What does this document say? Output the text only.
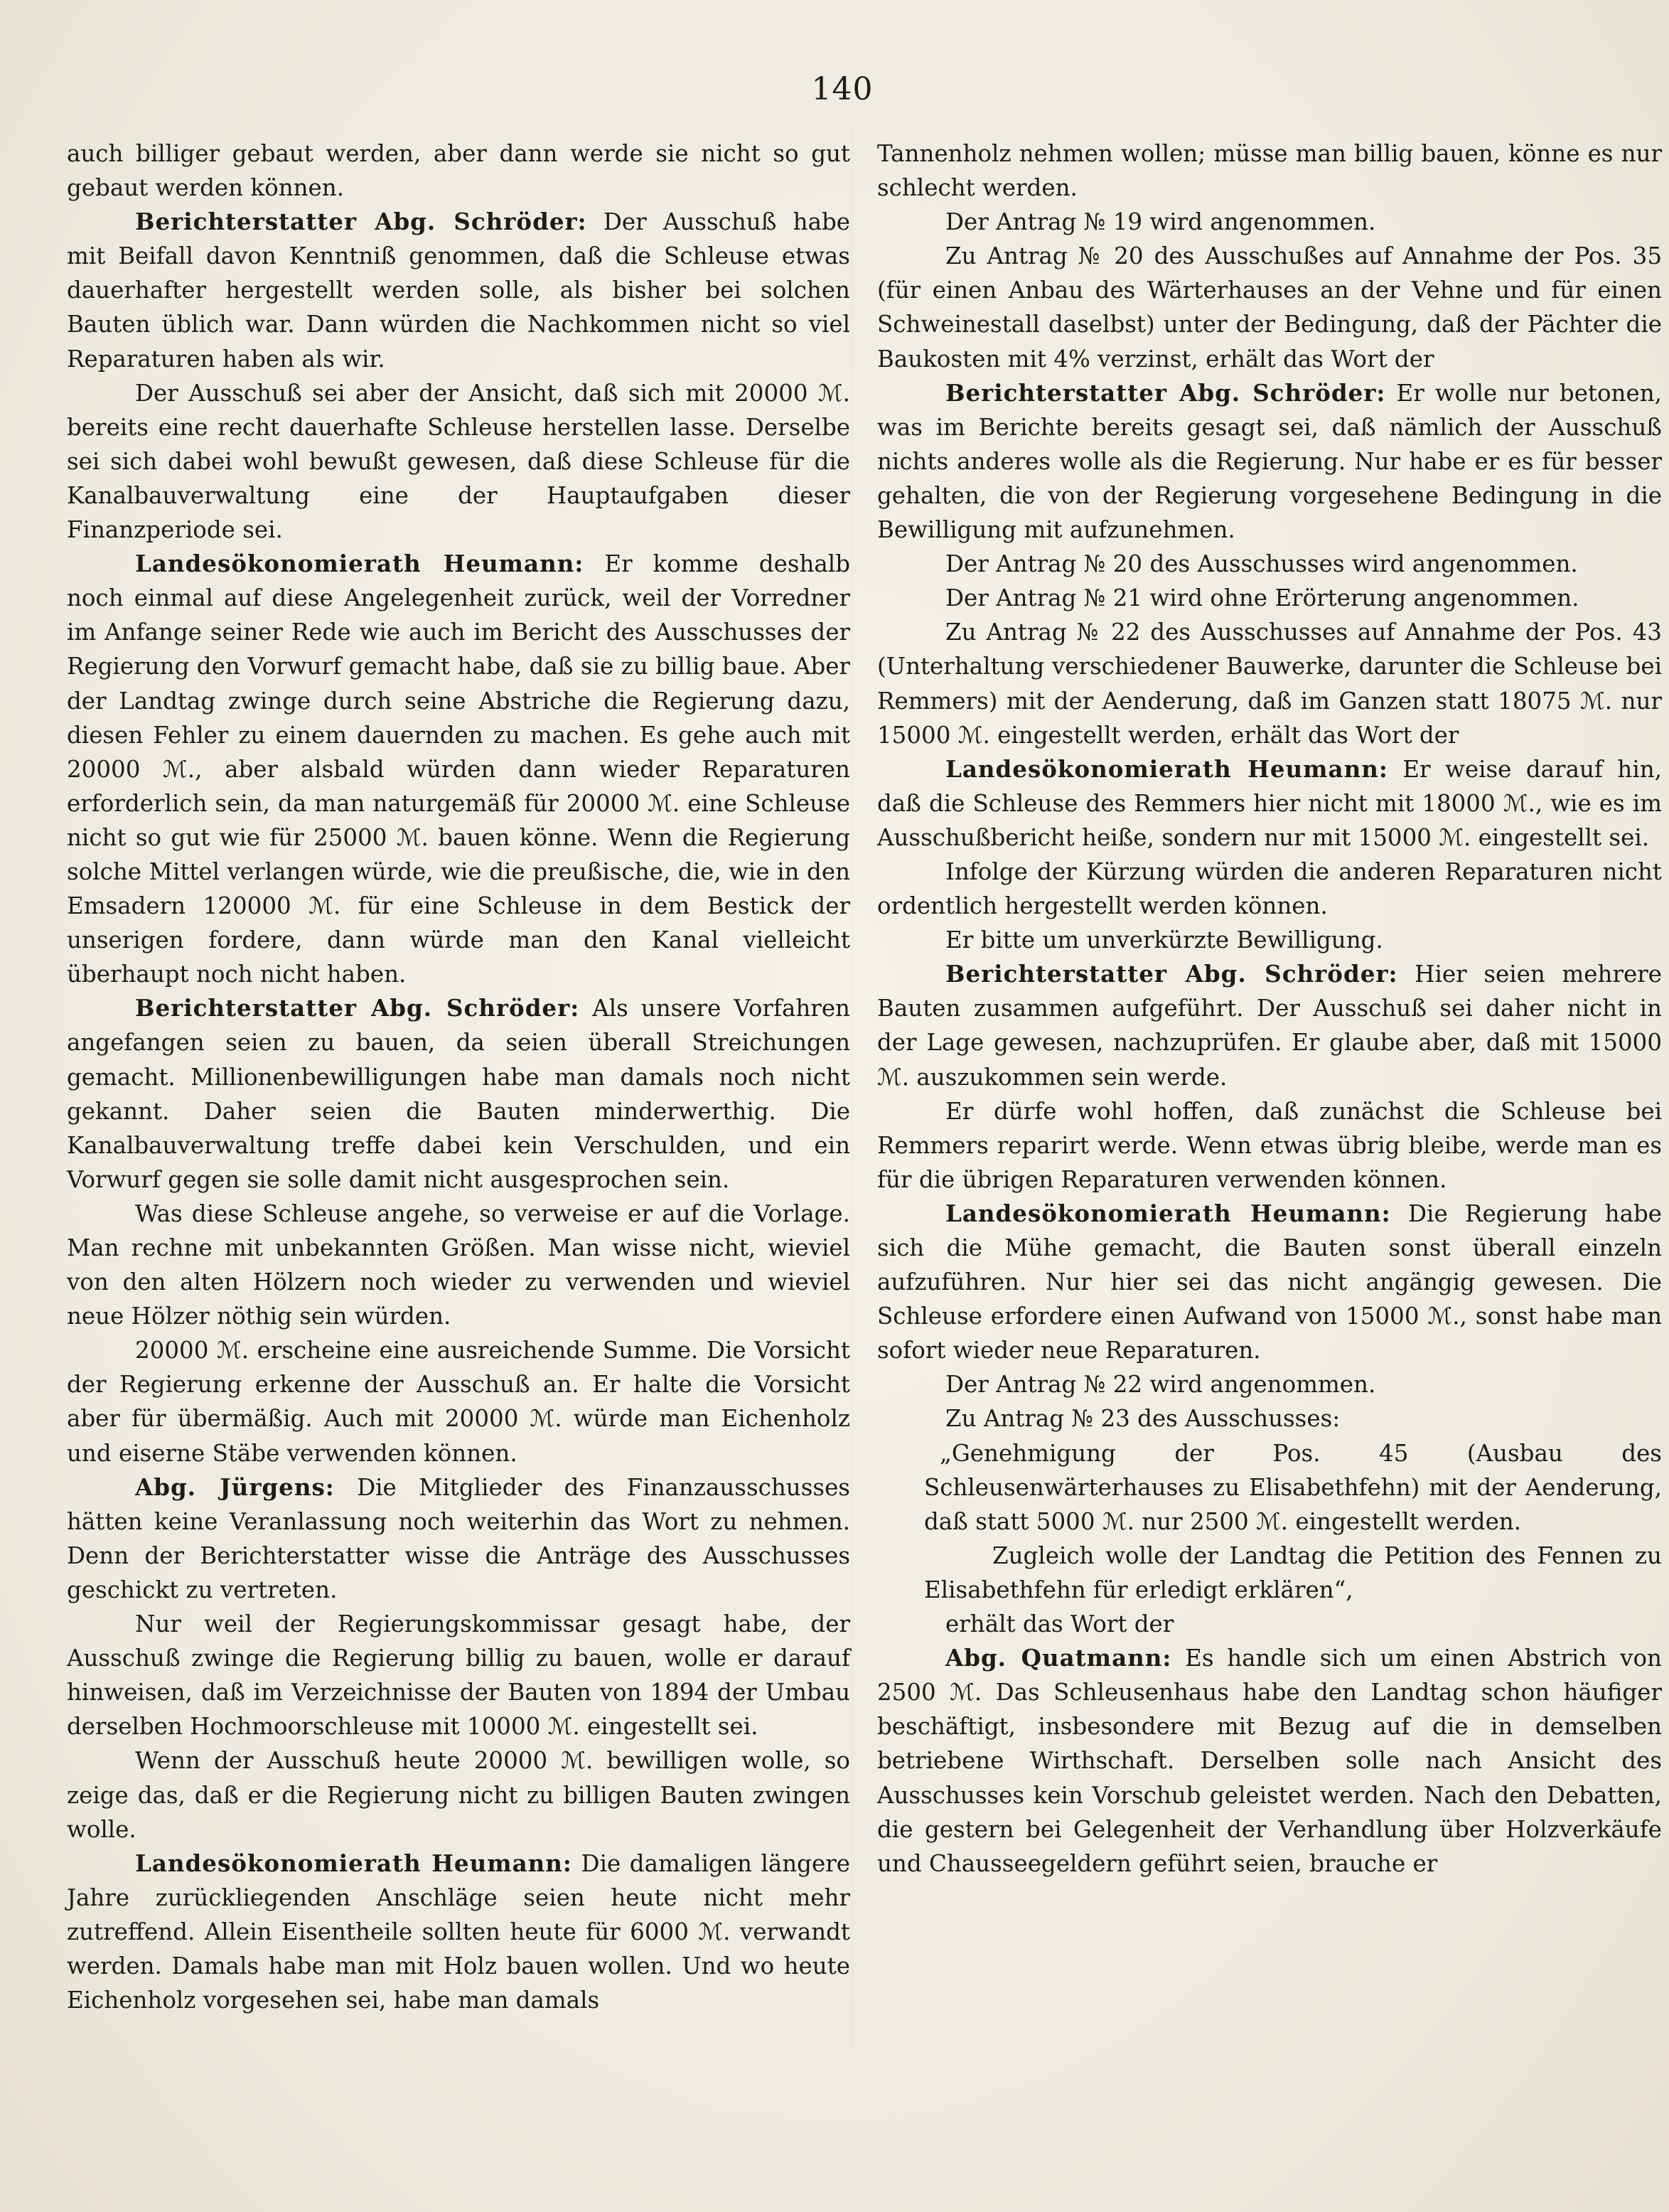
140

auch billiger gebaut werden, aber dann werde sie nicht so gut gebaut werden können.

Berichterstatter Abg. Schröder: Der Ausschuß habe mit Beifall davon Kenntniß genommen, daß die Schleuse etwas dauerhafter hergestellt werden solle, als bisher bei solchen Bauten üblich war. Dann würden die Nachkommen nicht so viel Reparaturen haben als wir.

Der Ausschuß sei aber der Ansicht, daß sich mit 20000 ℳ. bereits eine recht dauerhafte Schleuse herstellen lasse. Derselbe sei sich dabei wohl bewußt gewesen, daß diese Schleuse für die Kanalbauverwaltung eine der Hauptaufgaben dieser Finanzperiode sei.

Landesökonomierath Heumann: Er komme deshalb noch einmal auf diese Angelegenheit zurück, weil der Vorredner im Anfange seiner Rede wie auch im Bericht des Ausschusses der Regierung den Vorwurf gemacht habe, daß sie zu billig baue. Aber der Landtag zwinge durch seine Abstriche die Regierung dazu, diesen Fehler zu einem dauernden zu machen. Es gehe auch mit 20000 ℳ., aber alsbald würden dann wieder Reparaturen erforderlich sein, da man naturgemäß für 20000 ℳ. eine Schleuse nicht so gut wie für 25000 ℳ. bauen könne. Wenn die Regierung solche Mittel verlangen würde, wie die preußische, die, wie in den Emsadern 120000 ℳ. für eine Schleuse in dem Bestick der unserigen fordere, dann würde man den Kanal vielleicht überhaupt noch nicht haben.

Berichterstatter Abg. Schröder: Als unsere Vorfahren angefangen seien zu bauen, da seien überall Streichungen gemacht. Millionenbewilligungen habe man damals noch nicht gekannt. Daher seien die Bauten minderwerthig. Die Kanalbauverwaltung treffe dabei kein Verschulden, und ein Vorwurf gegen sie solle damit nicht ausgesprochen sein.

Was diese Schleuse angehe, so verweise er auf die Vorlage. Man rechne mit unbekannten Größen. Man wisse nicht, wieviel von den alten Hölzern noch wieder zu verwenden und wieviel neue Hölzer nöthig sein würden.

20000 ℳ. erscheine eine ausreichende Summe. Die Vorsicht der Regierung erkenne der Ausschuß an. Er halte die Vorsicht aber für übermäßig. Auch mit 20000 ℳ. würde man Eichenholz und eiserne Stäbe verwenden können.

Abg. Jürgens: Die Mitglieder des Finanzausschusses hätten keine Veranlassung noch weiterhin das Wort zu nehmen. Denn der Berichterstatter wisse die Anträge des Ausschusses geschickt zu vertreten.

Nur weil der Regierungskommissar gesagt habe, der Ausschuß zwinge die Regierung billig zu bauen, wolle er darauf hinweisen, daß im Verzeichnisse der Bauten von 1894 der Umbau derselben Hochmoorschleuse mit 10000 ℳ. eingestellt sei.

Wenn der Ausschuß heute 20000 ℳ. bewilligen wolle, so zeige das, daß er die Regierung nicht zu billigen Bauten zwingen wolle.

Landesökonomierath Heumann: Die damaligen längere Jahre zurückliegenden Anschläge seien heute nicht mehr zutreffend. Allein Eisentheile sollten heute für 6000 ℳ. verwandt werden. Damals habe man mit Holz bauen wollen. Und wo heute Eichenholz vorgesehen sei, habe man damals

Tannenholz nehmen wollen; müsse man billig bauen, könne es nur schlecht werden.

Der Antrag № 19 wird angenommen.

Zu Antrag № 20 des Ausschußes auf Annahme der Pos. 35 (für einen Anbau des Wärterhauses an der Vehne und für einen Schweinestall daselbst) unter der Bedingung, daß der Pächter die Baukosten mit 4% verzinst, erhält das Wort der

Berichterstatter Abg. Schröder: Er wolle nur betonen, was im Berichte bereits gesagt sei, daß nämlich der Ausschuß nichts anderes wolle als die Regierung. Nur habe er es für besser gehalten, die von der Regierung vorgesehene Bedingung in die Bewilligung mit aufzunehmen.

Der Antrag № 20 des Ausschusses wird angenommen.

Der Antrag № 21 wird ohne Erörterung angenommen.

Zu Antrag № 22 des Ausschusses auf Annahme der Pos. 43 (Unterhaltung verschiedener Bauwerke, darunter die Schleuse bei Remmers) mit der Aenderung, daß im Ganzen statt 18075 ℳ. nur 15000 ℳ. eingestellt werden, erhält das Wort der

Landesökonomierath Heumann: Er weise darauf hin, daß die Schleuse des Remmers hier nicht mit 18000 ℳ., wie es im Ausschußbericht heiße, sondern nur mit 15000 ℳ. eingestellt sei.

Infolge der Kürzung würden die anderen Reparaturen nicht ordentlich hergestellt werden können.

Er bitte um unverkürzte Bewilligung.

Berichterstatter Abg. Schröder: Hier seien mehrere Bauten zusammen aufgeführt. Der Ausschuß sei daher nicht in der Lage gewesen, nachzuprüfen. Er glaube aber, daß mit 15000 ℳ. auszukommen sein werde.

Er dürfe wohl hoffen, daß zunächst die Schleuse bei Remmers reparirt werde. Wenn etwas übrig bleibe, werde man es für die übrigen Reparaturen verwenden können.

Landesökonomierath Heumann: Die Regierung habe sich die Mühe gemacht, die Bauten sonst überall einzeln aufzuführen. Nur hier sei das nicht angängig gewesen. Die Schleuse erfordere einen Aufwand von 15000 ℳ., sonst habe man sofort wieder neue Reparaturen.

Der Antrag № 22 wird angenommen.

Zu Antrag № 23 des Ausschusses:

„Genehmigung der Pos. 45 (Ausbau des Schleusenwärterhauses zu Elisabethfehn) mit der Aenderung, daß statt 5000 ℳ. nur 2500 ℳ. eingestellt werden.

Zugleich wolle der Landtag die Petition des Fennen zu Elisabethfehn für erledigt erklären“,

erhält das Wort der

Abg. Quatmann: Es handle sich um einen Abstrich von 2500 ℳ. Das Schleusenhaus habe den Landtag schon häufiger beschäftigt, insbesondere mit Bezug auf die in demselben betriebene Wirthschaft. Derselben solle nach Ansicht des Ausschusses kein Vorschub geleistet werden. Nach den Debatten, die gestern bei Gelegenheit der Verhandlung über Holzverkäufe und Chausseegeldern geführt seien, brauche er
